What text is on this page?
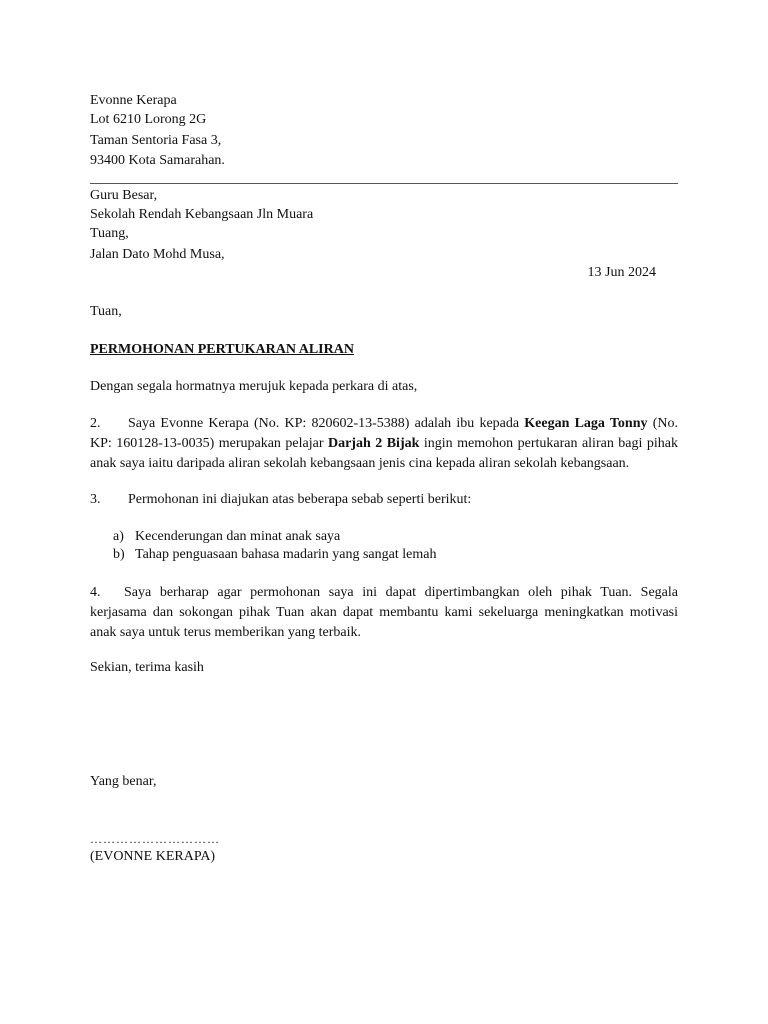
Evonne Kerapa
Lot 6210 Lorong 2G
Taman Sentoria Fasa 3,
93400 Kota Samarahan.
Guru Besar,
Sekolah Rendah Kebangsaan Jln Muara
Tuang,
Jalan Dato Mohd Musa,
13 Jun 2024
Tuan,
PERMOHONAN PERTUKARAN ALIRAN
Dengan segala hormatnya merujuk kepada perkara di atas,
2. Saya Evonne Kerapa (No. KP: 820602-13-5388) adalah ibu kepada Keegan Laga Tonny (No. KP: 160128-13-0035) merupakan pelajar Darjah 2 Bijak ingin memohon pertukaran aliran bagi pihak anak saya iaitu daripada aliran sekolah kebangsaan jenis cina kepada aliran sekolah kebangsaan.
3. Permohonan ini diajukan atas beberapa sebab seperti berikut:
a) Kecenderungan dan minat anak saya
b) Tahap penguasaan bahasa madarin yang sangat lemah
4. Saya berharap agar permohonan saya ini dapat dipertimbangkan oleh pihak Tuan. Segala kerjasama dan sokongan pihak Tuan akan dapat membantu kami sekeluarga meningkatkan motivasi anak saya untuk terus memberikan yang terbaik.
Sekian, terima kasih
Yang benar,
…………………………
(EVONNE KERAPA)
